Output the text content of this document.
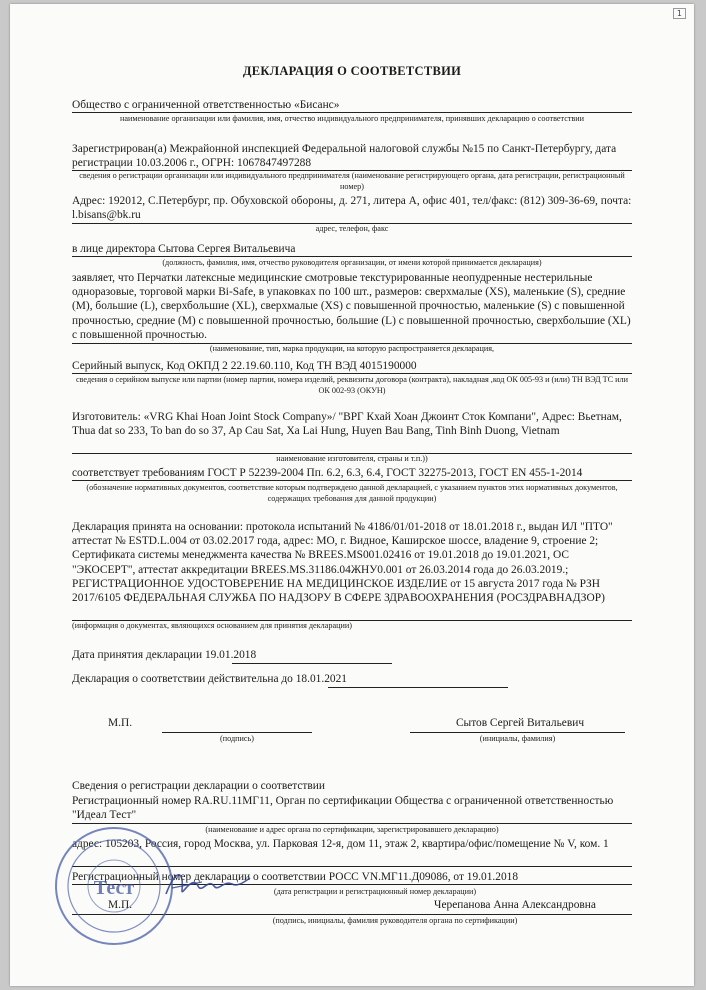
1
ДЕКЛАРАЦИЯ О СООТВЕТСТВИИ
Общество с ограниченной ответственностью «Бисанс»
наименование организации или фамилия, имя, отчество индивидуального предпринимателя, принявших декларацию о соответствии
Зарегистрирован(а) Межрайонной инспекцией Федеральной налоговой службы №15 по Санкт-Петербургу, дата регистрации 10.03.2006 г., ОГРН: 1067847497288
сведения о регистрации организации или индивидуального предпринимателя (наименование регистрирующего органа, дата регистрации, регистрационный номер)
Адрес: 192012, С.Петербург, пр. Обуховской обороны, д. 271, литера А, офис 401, тел/факс: (812) 309-36-69, почта: l.bisans@bk.ru
адрес, телефон, факс
в лице директора Сытова Сергея Витальевича
(должность, фамилия, имя, отчество руководителя организации, от имени которой принимается декларация)
заявляет, что Перчатки латексные медицинские смотровые текстурированные неопудренные нестерильные одноразовые, торговой марки Bi-Safe, в упаковках по 100 шт., размеров: сверхмалые (XS), маленькие (S), средние (M), большие (L), сверхбольшие (XL), сверхмалые (XS) с повышенной прочностью, маленькие (S) с повышенной прочностью, средние (M) с повышенной прочностью, большие (L) с повышенной прочностью, сверхбольшие (XL) с повышенной прочностью.
(наименование, тип, марка продукции, на которую распространяется декларация,
Серийный выпуск, Код ОКПД 2 22.19.60.110, Код ТН ВЭД 4015190000
сведения о серийном выпуске или партии (номер партии, номера изделий, реквизиты договора (контракта), накладная ,код ОК 005-93 и (или) ТН ВЭД ТС или ОК 002-93 (ОКУН)
Изготовитель: «VRG Khai Hoan Joint Stock Company»/ "ВРГ Кхай Хоан Джоинт Сток Компани", Адрес: Вьетнам, Thua dat so 233, To ban do so 37, Ap Cau Sat, Xa Lai Hung, Huyen Bau Bang, Tinh Binh Duong, Vietnam
наименование изготовителя, страны и т.п.))
соответствует требованиям ГОСТ Р 52239-2004 Пп. 6.2, 6.3, 6.4, ГОСТ 32275-2013, ГОСТ EN 455-1-2014
(обозначение нормативных документов, соответствие которым подтверждено данной декларацией, с указанием пунктов этих нормативных документов, содержащих требования для данной продукции)
Декларация принята на основании: протокола испытаний № 4186/01/01-2018 от 18.01.2018 г., выдан ИЛ "ПТО" аттестат № ESTD.L.004 от 03.02.2017 года, адрес: МО, г. Видное, Каширское шоссе, владение 9, строение 2; Сертификата системы менеджмента качества № BREES.MS001.02416 от 19.01.2018 до 19.01.2021, ОС "ЭКОСЕРТ", аттестат аккредитации BREES.MS.31186.04ЖНУ0.001 от 26.03.2014 года до 26.03.2019.; РЕГИСТРАЦИОННОЕ УДОСТОВЕРЕНИЕ НА МЕДИЦИНСКОЕ ИЗДЕЛИЕ от 15 августа 2017 года № РЗН 2017/6105 ФЕДЕРАЛЬНАЯ СЛУЖБА ПО НАДЗОРУ В СФЕРЕ ЗДРАВООХРАНЕНИЯ (РОСЗДРАВНАДЗОР)
(информация о документах, являющихся основанием для принятия декларации)
Дата принятия декларации 19.01.2018
Декларация о соответствии действительна до 18.01.2021
М.П.
(подпись)
Сытов Сергей Витальевич
(инициалы, фамилия)
Сведения о регистрации декларации о соответствии
Регистрационный номер RA.RU.11МГ11, Орган по сертификации Общества с ограниченной ответственностью "Идеал Тест"
(наименование и адрес органа по сертификации, зарегистрировавшего декларацию)
адрес: 105203, Россия, город Москва, ул. Парковая 12-я, дом 11, этаж 2, квартира/офис/помещение № V, ком. 1
Регистрационный номер декларации о соответствии РОСС VN.МГ11.Д09086, от 19.01.2018
(дата регистрации и регистрационный номер декларации)
М.П.	Черепанова Анна Александровна
(подпись, инициалы, фамилия руководителя органа по сертификации)
Тест
